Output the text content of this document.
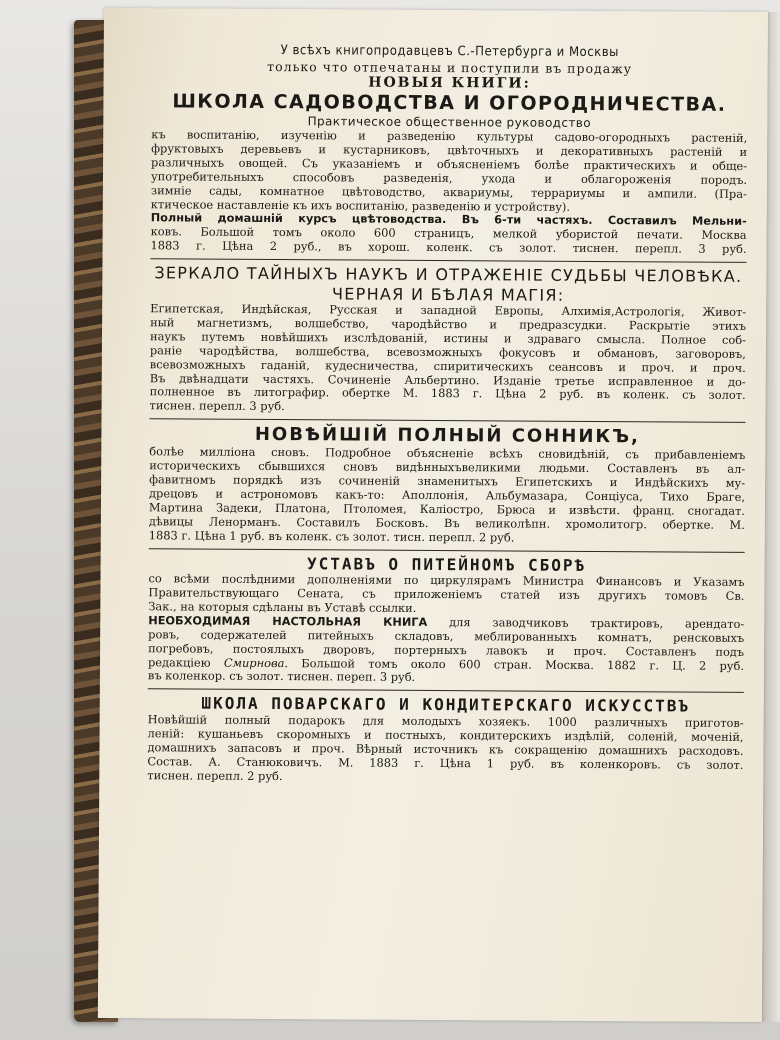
У всѣхъ книгопродавцевъ С.-Петербурга и Москвы

только что отпечатаны и поступили въ продажу

НОВЫЯ КНИГИ:

ШКОЛА САДОВОДСТВА И ОГОРОДНИЧЕСТВА.

Практическое общественное руководство

къ воспитанію, изученію и разведенію культуры садово-огородныхъ растеній,

фруктовыхъ деревьевъ и кустарниковъ, цвѣточныхъ и декоративныхъ растеній и

различныхъ овощей. Съ указаніемъ и объясненіемъ болѣе практическихъ и обще-

употребительныхъ способовъ разведенія, ухода и облагороженія породъ.

зимніе сады, комнатное цвѣтоводство, аквариумы, террариумы и ампили. (Пра-

ктическое наставленіе къ ихъ воспитанію, разведенію и устройству).

Полный домашній курсъ цвѣтоводства. Въ 6-ти частяхъ. Составилъ Мельни-

ковъ. Большой томъ около 600 страницъ, мелкой убористой печати. Москва

1883 г. Цѣна 2 руб., въ хорош. коленк. съ золот. тиснен. перепл. 3 руб.

ЗЕРКАЛО ТАЙНЫХЪ НАУКЪ И ОТРАЖЕНІЕ СУДЬБЫ ЧЕЛОВѢКА.

ЧЕРНАЯ И БѢЛАЯ МАГІЯ:

Египетская, Индѣйская, Русская и западной Европы, Алхимія,Астрологія, Живот-

ный магнетизмъ, волшебство, чародѣйство и предразсудки. Раскрытіе этихъ

наукъ путемъ новѣйшихъ изслѣдованій, истины и здраваго смысла. Полное соб-

раніе чародѣйства, волшебства, всевозможныхъ фокусовъ и обмановъ, заговоровъ,

всевозможныхъ гаданій, кудесничества, спиритическихъ сеансовъ и проч. и проч.

Въ двѣнадцати частяхъ. Сочиненіе Альбертино. Изданіе третье исправленное и до-

полненное въ литографир. обертке М. 1883 г. Цѣна 2 руб. въ коленк. съ золот.

тиснен. перепл. 3 руб.

НОВѢЙШІЙ ПОЛНЫЙ СОННИКЪ,

болѣе милліона сновъ. Подробное объясненіе всѣхъ сновидѣній, съ прибавленіемъ

историческихъ сбывшихся сновъ видѣнныхъвеликими людьми. Составленъ въ ал-

фавитномъ порядкѣ изъ сочиненій знаменитыхъ Египетскихъ и Индѣйскихъ му-

дрецовъ и астрономовъ какъ-то: Аполлонія, Альбумазара, Сонціуса, Тихо Браге,

Мартина Задеки, Платона, Птоломея, Каліостро, Брюса и извѣсти. франц. сногадат.

дѣвицы Ленорманъ. Составилъ Босковъ. Въ великолѣпн. хромолитогр. обертке. М.

1883 г. Цѣна 1 руб. въ коленк. съ золот. тисн. перепл. 2 руб.

УСТАВЪ О ПИТЕЙНОМЪ СБОРѢ

со всѣми послѣдними дополненіями по циркулярамъ Министра Финансовъ и Указамъ

Правительствующаго Сената, съ приложеніемъ статей изъ другихъ томовъ Св.

Зак., на которыя сдѣланы въ Уставѣ ссылки.

НЕОБХОДИМАЯ НАСТОЛЬНАЯ КНИГА для заводчиковъ трактировъ, арендато-

ровъ, содержателей питейныхъ складовъ, меблированныхъ комнатъ, ренсковыхъ

погребовъ, постоялыхъ дворовъ, портерныхъ лавокъ и проч. Составленъ подъ

редакціею Смирнова. Большой томъ около 600 стран. Москва. 1882 г. Ц. 2 руб.

въ коленкор. съ золот. тиснен. переп. 3 руб.

ШКОЛА ПОВАРСКАГО И КОНДИТЕРСКАГО ИСКУССТВЪ

Новѣйшій полный подарокъ для молодыхъ хозяекъ. 1000 различныхъ приготов-

леній: кушаньевъ скоромныхъ и постныхъ, кондитерскихъ издѣлій, соленій, моченій,

домашнихъ запасовъ и проч. Вѣрный источникъ къ сокращенію домашнихъ расходовъ.

Состав. А. Станюковичъ. М. 1883 г. Цѣна 1 руб. въ коленкоровъ. съ золот.

тиснен. перепл. 2 руб.
